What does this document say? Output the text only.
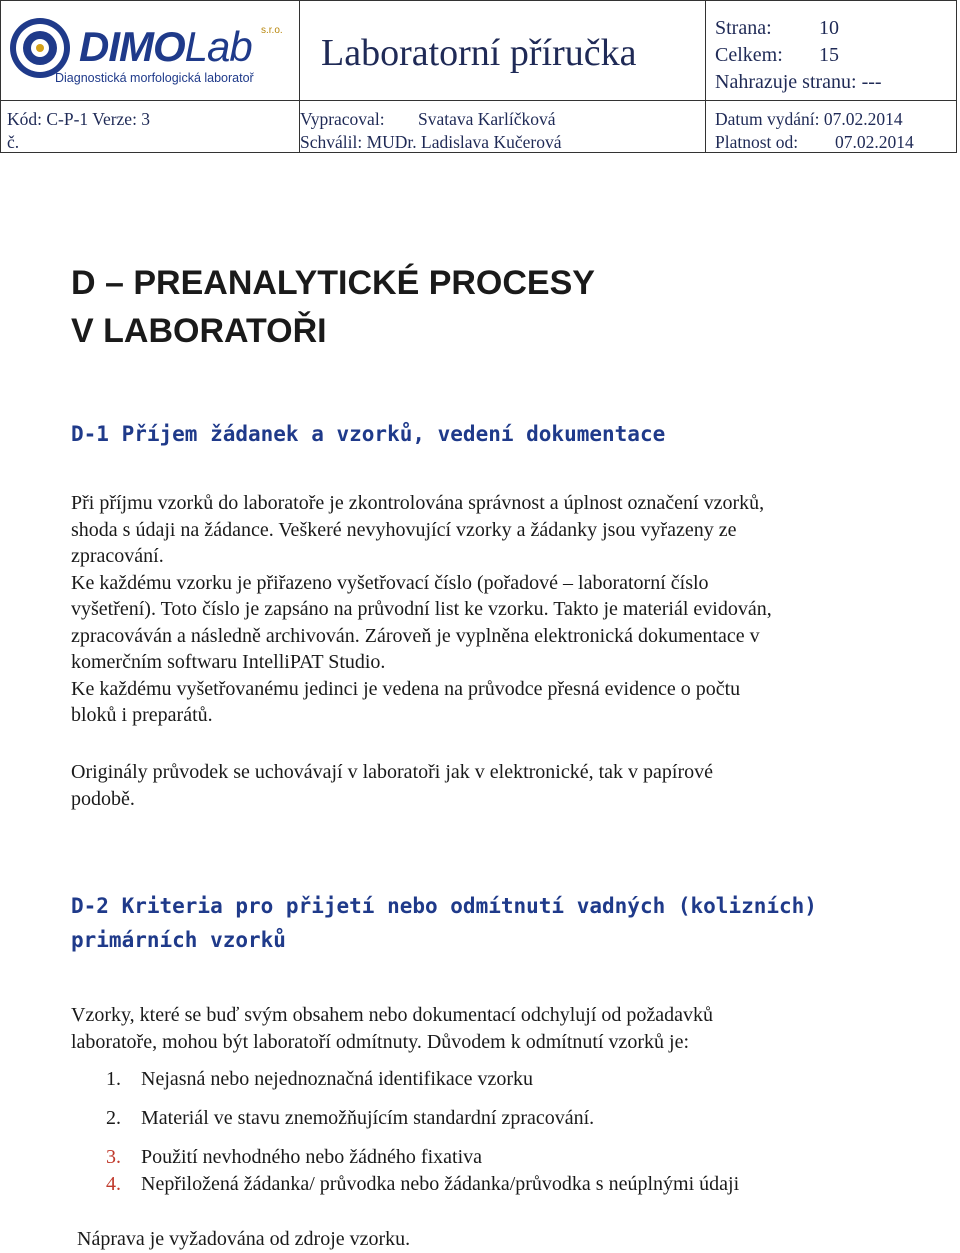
DIMOLab s.r.o.
Diagnostická morfologická laboratoř
Laboratorní příručka
Strana: 10
Celkem: 15
Nahrazuje stranu: ---
Kód: C-P-1 Verze: 3
č.
Vypracoval: Svatava Karlíčková
Schválil: MUDr. Ladislava Kučerová
Datum vydání: 07.02.2014
Platnost od: 07.02.2014
D – PREANALYTICKÉ PROCESY
V LABORATOŘI
D-1 Příjem žádanek a vzorků, vedení dokumentace
Při příjmu vzorků do laboratoře je zkontrolována správnost a úplnost označení vzorků,
shoda s údaji na žádance. Veškeré nevyhovující vzorky a žádanky jsou vyřazeny ze
zpracování.
Ke každému vzorku je přiřazeno vyšetřovací číslo (pořadové – laboratorní číslo
vyšetření). Toto číslo je zapsáno na průvodní list ke vzorku. Takto je materiál evidován,
zpracováván a následně archivován. Zároveň je vyplněna elektronická dokumentace v
komerčním softwaru IntelliPAT Studio.
Ke každému vyšetřovanému jedinci je vedena na průvodce přesná evidence o počtu
bloků i preparátů.
Originály průvodek se uchovávají v laboratoři jak v elektronické, tak v papírové
podobě.
D-2 Kriteria pro přijetí nebo odmítnutí vadných (kolizních)
primárních vzorků
Vzorky, které se buď svým obsahem nebo dokumentací odchylují od požadavků
laboratoře, mohou být laboratoří odmítnuty. Důvodem k odmítnutí vzorků je:
1. Nejasná nebo nejednoznačná identifikace vzorku
2. Materiál ve stavu znemožňujícím standardní zpracování.
3. Použití nevhodného nebo žádného fixativa
4. Nepřiložená žádanka/ průvodka nebo žádanka/průvodka s neúplnými údaji
Náprava je vyžadována od zdroje vzorku.
